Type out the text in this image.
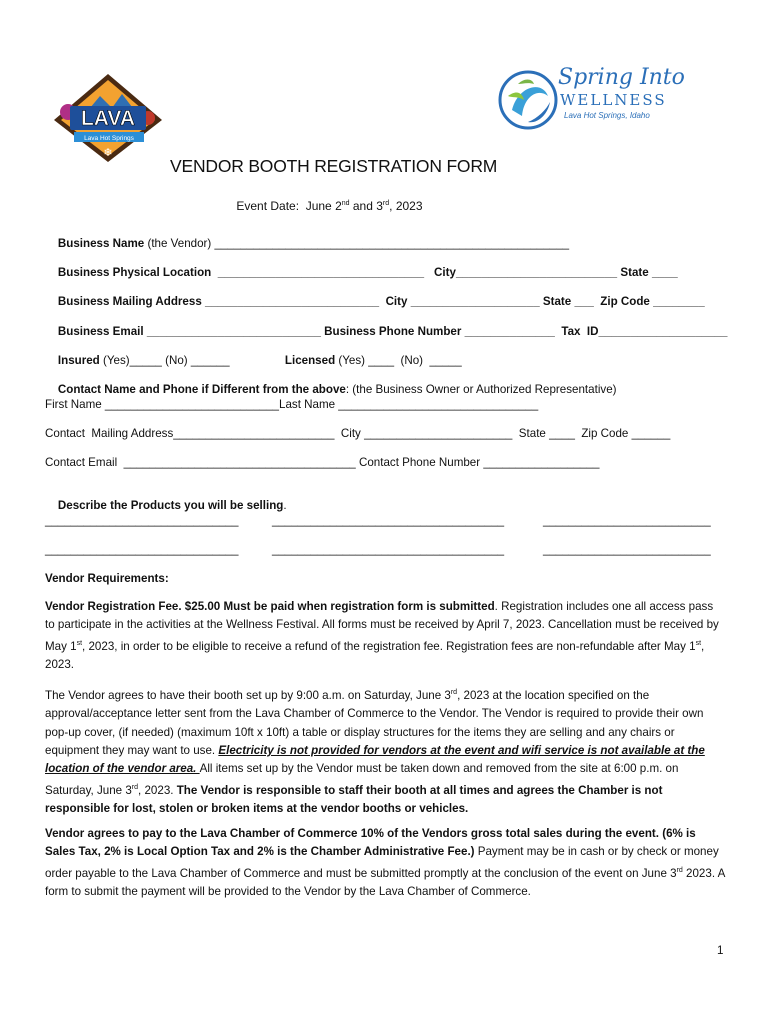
LAVA
Lava Hot Springs
❄
Spring Into
WELLNESS
Lava Hot Springs, Idaho
VENDOR BOOTH REGISTRATION FORM

Event Date:  June 2nd and 3rd, 2023

Business Name (the Vendor) _______________________________________________________

Business Physical Location  ________________________________ City_________________________ State ____

Business Mailing Address ___________________________ City ____________________ State ___ Zip Code ________

Business Email ___________________________ Business Phone Number ______________ Tax  ID____________________

Insured (Yes)_____ (No) ______
	Licensed (Yes) ____  (No)  _____

Contact Name and Phone if Different from the above: (the Business Owner or Authorized Representative)

First Name ___________________________Last Name _______________________________
Contact  Mailing Address_________________________  City _______________________  State ____  Zip Code ______
Contact Email  ____________________________________ Contact Phone Number __________________

Describe the Products you will be selling.

______________________________	____________________________________	__________________________
______________________________	____________________________________	__________________________
Vendor Requirements:
Vendor Registration Fee. $25.00 Must be paid when registration form is submitted. Registration includes one all access pass to participate in the activities at the Wellness Festival. All forms must be received by April 7, 2023. Cancellation must be received by May 1st, 2023, in order to be eligible to receive a refund of the registration fee. Registration fees are non-refundable after May 1st, 2023.
The Vendor agrees to have their booth set up by 9:00 a.m. on Saturday, June 3rd, 2023 at the location specified on the approval/acceptance letter sent from the Lava Chamber of Commerce to the Vendor. The Vendor is required to provide their own pop-up cover, (if needed) (maximum 10ft x 10ft) a table or display structures for the items they are selling and any chairs or equipment they may want to use. Electricity is not provided for vendors at the event and wifi service is not available at the location of the vendor area. All items set up by the Vendor must be taken down and removed from the site at 6:00 p.m. on Saturday, June 3rd, 2023. The Vendor is responsible to staff their booth at all times and agrees the Chamber is not responsible for lost, stolen or broken items at the vendor booths or vehicles.
Vendor agrees to pay to the Lava Chamber of Commerce 10% of the Vendors gross total sales during the event. (6% is Sales Tax, 2% is Local Option Tax and 2% is the Chamber Administrative Fee.) Payment may be in cash or by check or money order payable to the Lava Chamber of Commerce and must be submitted promptly at the conclusion of the event on June 3rd 2023. A form to submit the payment will be provided to the Vendor by the Lava Chamber of Commerce.
1
